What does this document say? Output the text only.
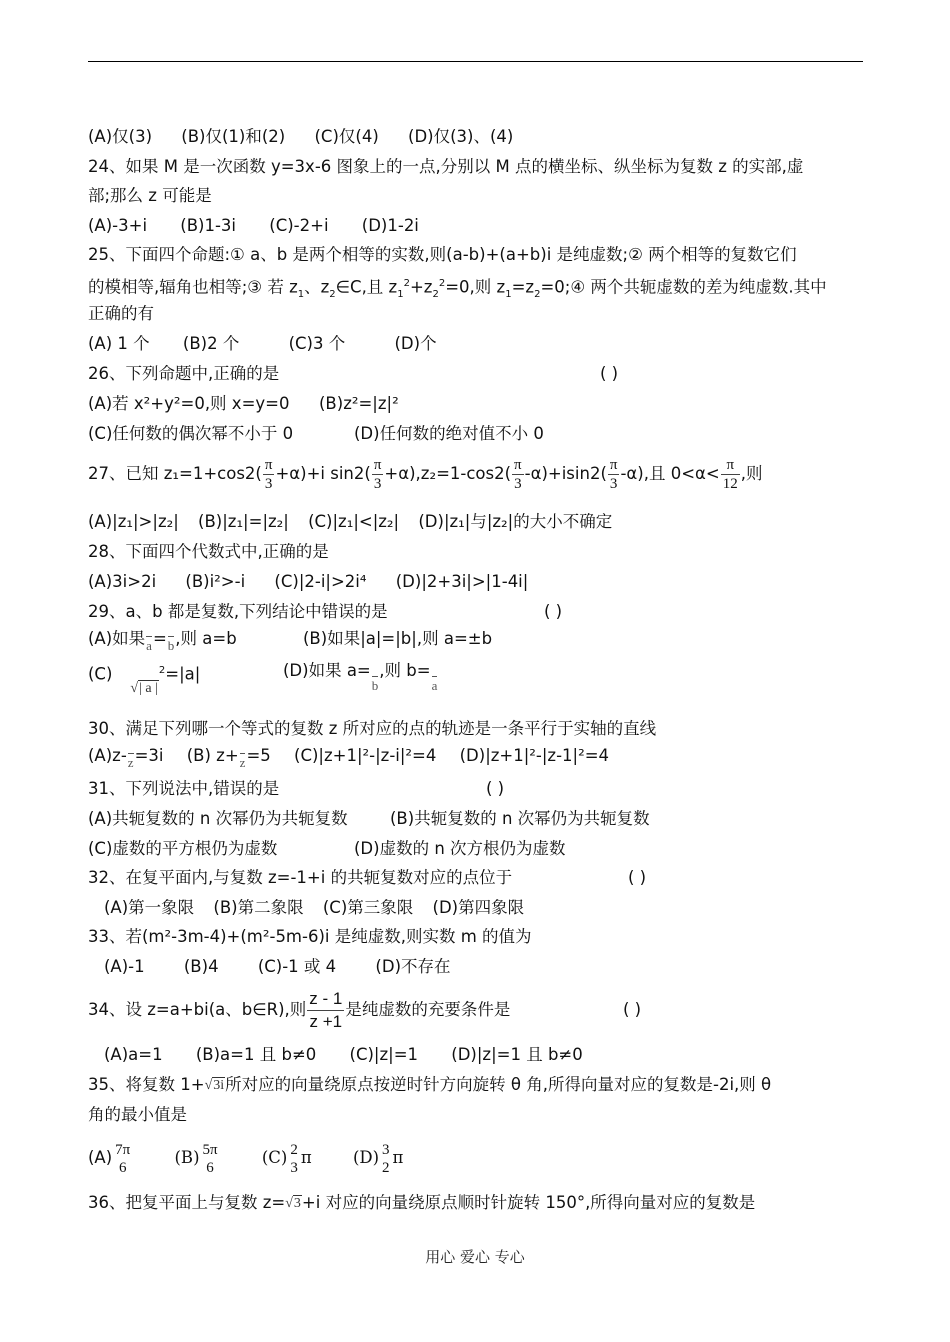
(A)仅(3) (B)仅(1)和(2) (C)仅(4) (D)仅(3)、(4)
24、如果 M 是一次函数 y=3x-6 图象上的一点,分别以 M 点的横坐标、纵坐标为复数 z 的实部,虚
部;那么 z 可能是
(A)-3+i (B)1-3i (C)-2+i (D)1-2i
25、下面四个命题:① a、b 是两个相等的实数,则(a-b)+(a+b)i 是纯虚数;② 两个相等的复数它们
的模相等,辐角也相等;③ 若 $z_1$、$z_2\in C$,且 $z_1^2+z_2^2=0$,则 $z_1=z_2=0;④$ 两个共轭虚数的差为纯虚数.其中
正确的有
(A) 1 个 (B)2 个	(C)3 个	(D)个
26、下列命题中,正确的是	( )
(A)若 x²+y²=0,则 x=y=0 (B)z²=|z|²
(C)任何数的偶次幂不小于 0	(D)任何数的绝对值不小 0
27、已知 $z_1=1+\cos 2( \frac{\pi}{3} +\alpha)+i$ $\sin 2( \frac{\pi}{3} +\alpha),z_2=1-\cos 2( \frac{\pi}{3} -\alpha)+isin2( \frac{\pi}{3} -\alpha)$,且 $0<\alpha< \frac{\pi}{12}$ ,则
(A)|z₁|>|z₂| (B)|z₁|=|z₂| (C)|z₁|<|z₂| (D)|z₁|与|z₂|的大小不确定
28、下面四个代数式中,正确的是
(A)3i>2i (B)i²>-i (C)|2-i|>2i⁴ (D)|2+3i|>|1-4i|
29、a、b 都是复数,下列结论中错误的是	( )
(A)如果a=b,则 a=b	(B)如果|a|=|b|,则 a=±b
(C)√| a $|^2=|a|$	(D)如果 a=b,则 b=a
30、满足下列哪一个等式的复数 z 所对应的点的轨迹是一条平行于实轴的直线
(A)z-z=3i (B) z+z=5 (C)|z+1|²-|z-i|²=4 (D)|z+1|²-|z-1|²=4
31、下列说法中,错误的是	( )
(A)共轭复数的 n 次幂仍为共轭复数	(B)共轭复数的 n 次幂仍为共轭复数
(C)虚数的平方根仍为虚数	(D)虚数的 n 次方根仍为虚数
32、在复平面内,与复数 z=-1+i 的共轭复数对应的点位于	( )
(A)第一象限 (B)第二象限 (C)第三象限 (D)第四象限
33、若(m²-3m-4)+(m²-5m-6)i 是纯虚数,则实数 m 的值为
(A)-1 (B)4 (C)-1 或 4 (D)不存在
34、设 z=a+bi(a、b∈R),则 $\frac{z - 1}{z +1}$ 是纯虚数的充要条件是	( )
(A)a=1 (B)a=1 且 b≠0 (C)|z|=1 (D)|z|=1 且 b≠0
35、将复数 1+√3i所对应的向量绕原点按逆时针方向旋转 θ 角,所得向量对应的复数是-2i,则 θ
角的最小值是
(A) 7π
6
(B) 5π
6
(C) 2
3
π	(D) 3
2
π
36、把复平面上与复数 z=√3+i 对应的向量绕原点顺时针旋转 150°,所得向量对应的复数是
用心 爱心 专心
